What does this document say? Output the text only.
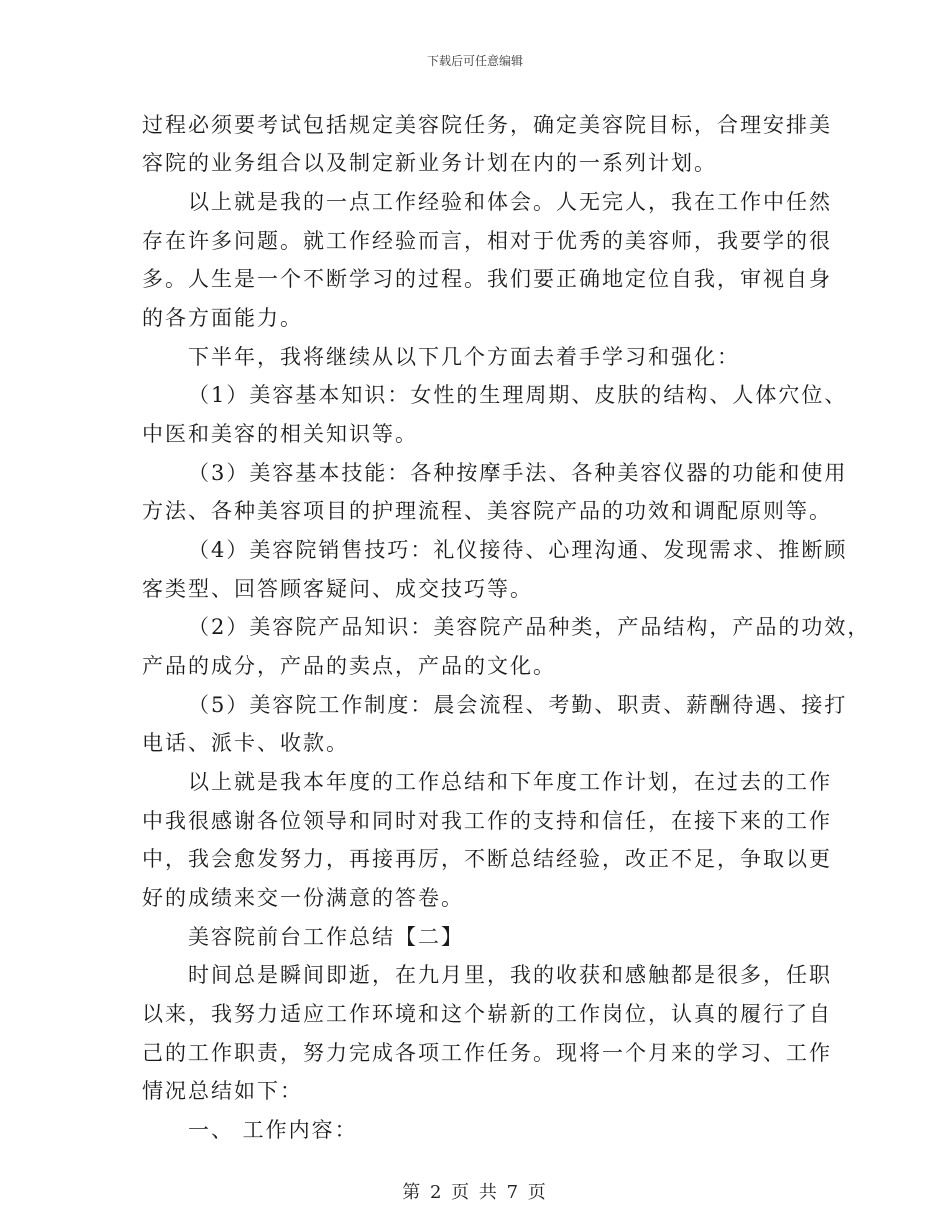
下载后可任意编辑
过程必须要考试包括规定美容院任务，确定美容院目标，合理安排美
容院的业务组合以及制定新业务计划在内的一系列计划。
以上就是我的一点工作经验和体会。人无完人，我在工作中任然
存在许多问题。就工作经验而言，相对于优秀的美容师，我要学的很
多。人生是一个不断学习的过程。我们要正确地定位自我，审视自身
的各方面能力。
下半年，我将继续从以下几个方面去着手学习和强化：
（1）美容基本知识：女性的生理周期、皮肤的结构、人体穴位、
中医和美容的相关知识等。
（3）美容基本技能：各种按摩手法、各种美容仪器的功能和使用
方法、各种美容项目的护理流程、美容院产品的功效和调配原则等。
（4）美容院销售技巧：礼仪接待、心理沟通、发现需求、推断顾
客类型、回答顾客疑问、成交技巧等。
（2）美容院产品知识：美容院产品种类，产品结构，产品的功效，
产品的成分，产品的卖点，产品的文化。
（5）美容院工作制度：晨会流程、考勤、职责、薪酬待遇、接打
电话、派卡、收款。
以上就是我本年度的工作总结和下年度工作计划，在过去的工作
中我很感谢各位领导和同时对我工作的支持和信任，在接下来的工作
中，我会愈发努力，再接再厉，不断总结经验，改正不足，争取以更
好的成绩来交一份满意的答卷。
美容院前台工作总结【二】
时间总是瞬间即逝，在九月里，我的收获和感触都是很多，任职
以来，我努力适应工作环境和这个崭新的工作岗位，认真的履行了自
己的工作职责，努力完成各项工作任务。现将一个月来的学习、工作
情况总结如下：
一、 工作内容：
第 2 页 共 7 页
